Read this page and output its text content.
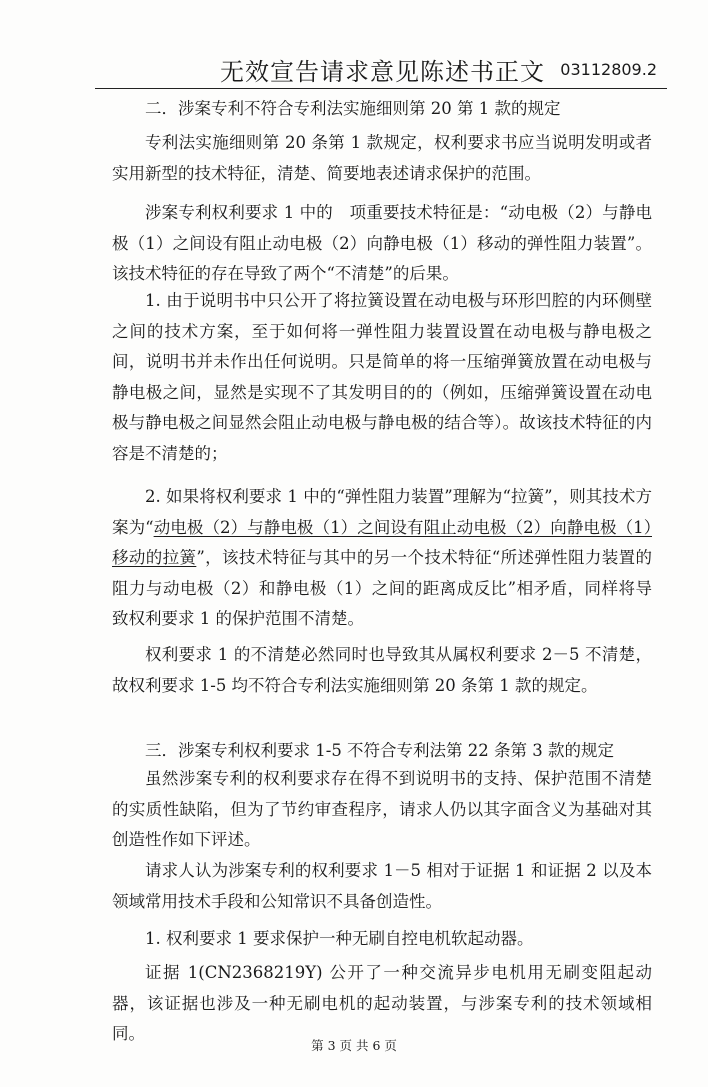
无效宣告请求意见陈述书正文 03112809.2
二．涉案专利不符合专利法实施细则第 20 第 1 款的规定
专利法实施细则第 20 条第 1 款规定，权利要求书应当说明发明或者实用新型的技术特征，清楚、简要地表述请求保护的范围。
涉案专利权利要求 1 中的　项重要技术特征是：“动电极（2）与静电极（1）之间设有阻止动电极（2）向静电极（1）移动的弹性阻力装置”。该技术特征的存在导致了两个“不清楚”的后果。
1. 由于说明书中只公开了将拉簧设置在动电极与环形凹腔的内环侧壁之间的技术方案，至于如何将一弹性阻力装置设置在动电极与静电极之间，说明书并未作出任何说明。只是简单的将一压缩弹簧放置在动电极与静电极之间，显然是实现不了其发明目的的（例如，压缩弹簧设置在动电极与静电极之间显然会阻止动电极与静电极的结合等）。故该技术特征的内容是不清楚的；
2. 如果将权利要求 1 中的“弹性阻力装置”理解为“拉簧”，则其技术方案为“动电极（2）与静电极（1）之间设有阻止动电极（2）向静电极（1）移动的拉簧”，该技术特征与其中的另一个技术特征“所述弹性阻力装置的阻力与动电极（2）和静电极（1）之间的距离成反比”相矛盾，同样将导致权利要求 1 的保护范围不清楚。
权利要求 1 的不清楚必然同时也导致其从属权利要求 2－5 不清楚，故权利要求 1-5 均不符合专利法实施细则第 20 条第 1 款的规定。
三．涉案专利权利要求 1-5 不符合专利法第 22 条第 3 款的规定
虽然涉案专利的权利要求存在得不到说明书的支持、保护范围不清楚的实质性缺陷，但为了节约审查程序，请求人仍以其字面含义为基础对其创造性作如下评述。
请求人认为涉案专利的权利要求 1－5 相对于证据 1 和证据 2 以及本领域常用技术手段和公知常识不具备创造性。
1. 权利要求 1 要求保护一种无刷自控电机软起动器。
证据 1(CN2368219Y) 公开了一种交流异步电机用无刷变阻起动器，该证据也涉及一种无刷电机的起动装置，与涉案专利的技术领域相同。
第 3 页 共 6 页
